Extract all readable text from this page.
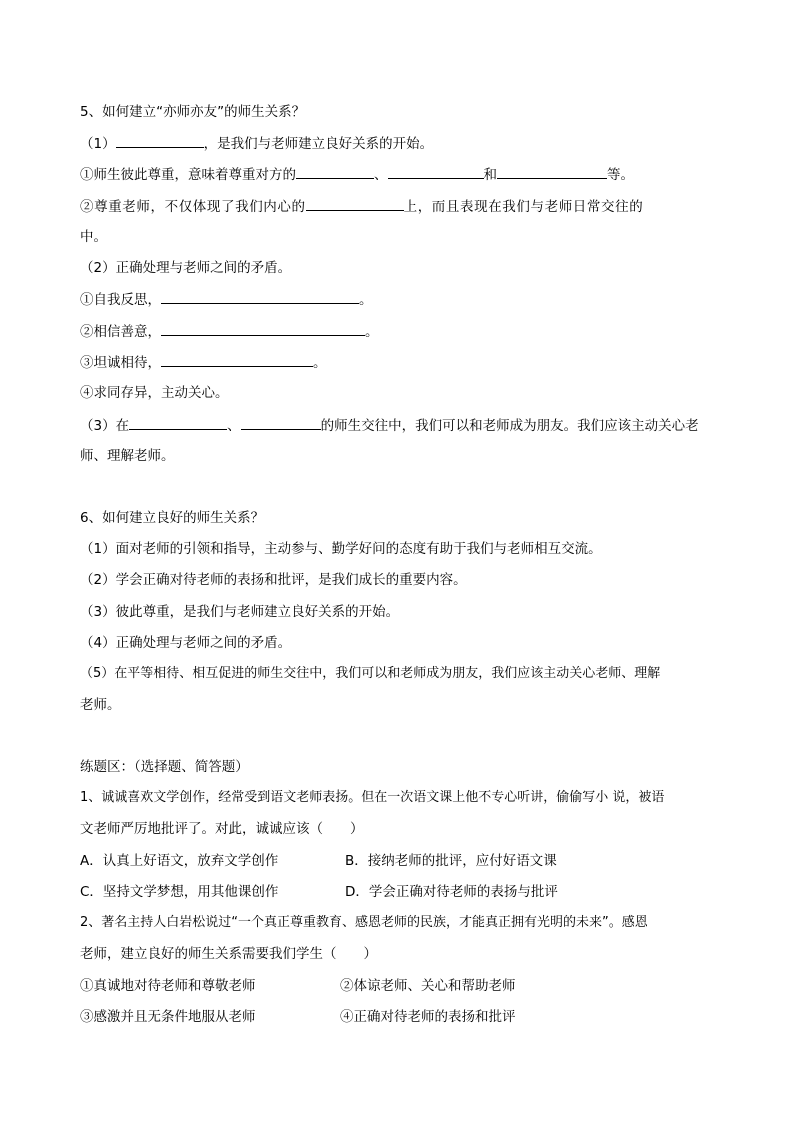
5、如何建立“亦师亦友”的师生关系？
（1）	，是我们与老师建立良好关系的开始。
①师生彼此尊重，意味着尊重对方的	、	和	等。
②尊重老师，不仅体现了我们内心的	上，而且表现在我们与老师日常交往的
中。
（2）正确处理与老师之间的矛盾。
①自我反思，	。
②相信善意，	。
③坦诚相待，	。
④求同存异，主动关心。
（3）在	、	的师生交往中，我们可以和老师成为朋友。我们应该主动关心老
师、理解老师。
6、如何建立良好的师生关系？
（1）面对老师的引领和指导，主动参与、勤学好问的态度有助于我们与老师相互交流。
（2）学会正确对待老师的表扬和批评，是我们成长的重要内容。
（3）彼此尊重，是我们与老师建立良好关系的开始。
（4）正确处理与老师之间的矛盾。
（5）在平等相待、相互促进的师生交往中，我们可以和老师成为朋友，我们应该主动关心老师、理解
老师。
练题区：（选择题、简答题）
1、诚诚喜欢文学创作，经常受到语文老师表扬。但在一次语文课上他不专心听讲，偷偷写小 说，被语
文老师严厉地批评了。对此，诚诚应该（　　）
A．认真上好语文，放弃文学创作	B．接纳老师的批评，应付好语文课
C．坚持文学梦想，用其他课创作	D．学会正确对待老师的表扬与批评
2、著名主持人白岩松说过“一个真正尊重教育、感恩老师的民族，才能真正拥有光明的未来”。感恩
老师，建立良好的师生关系需要我们学生（　　）
①真诚地对待老师和尊敬老师	②体谅老师、关心和帮助老师
③感激并且无条件地服从老师	④正确对待老师的表扬和批评
